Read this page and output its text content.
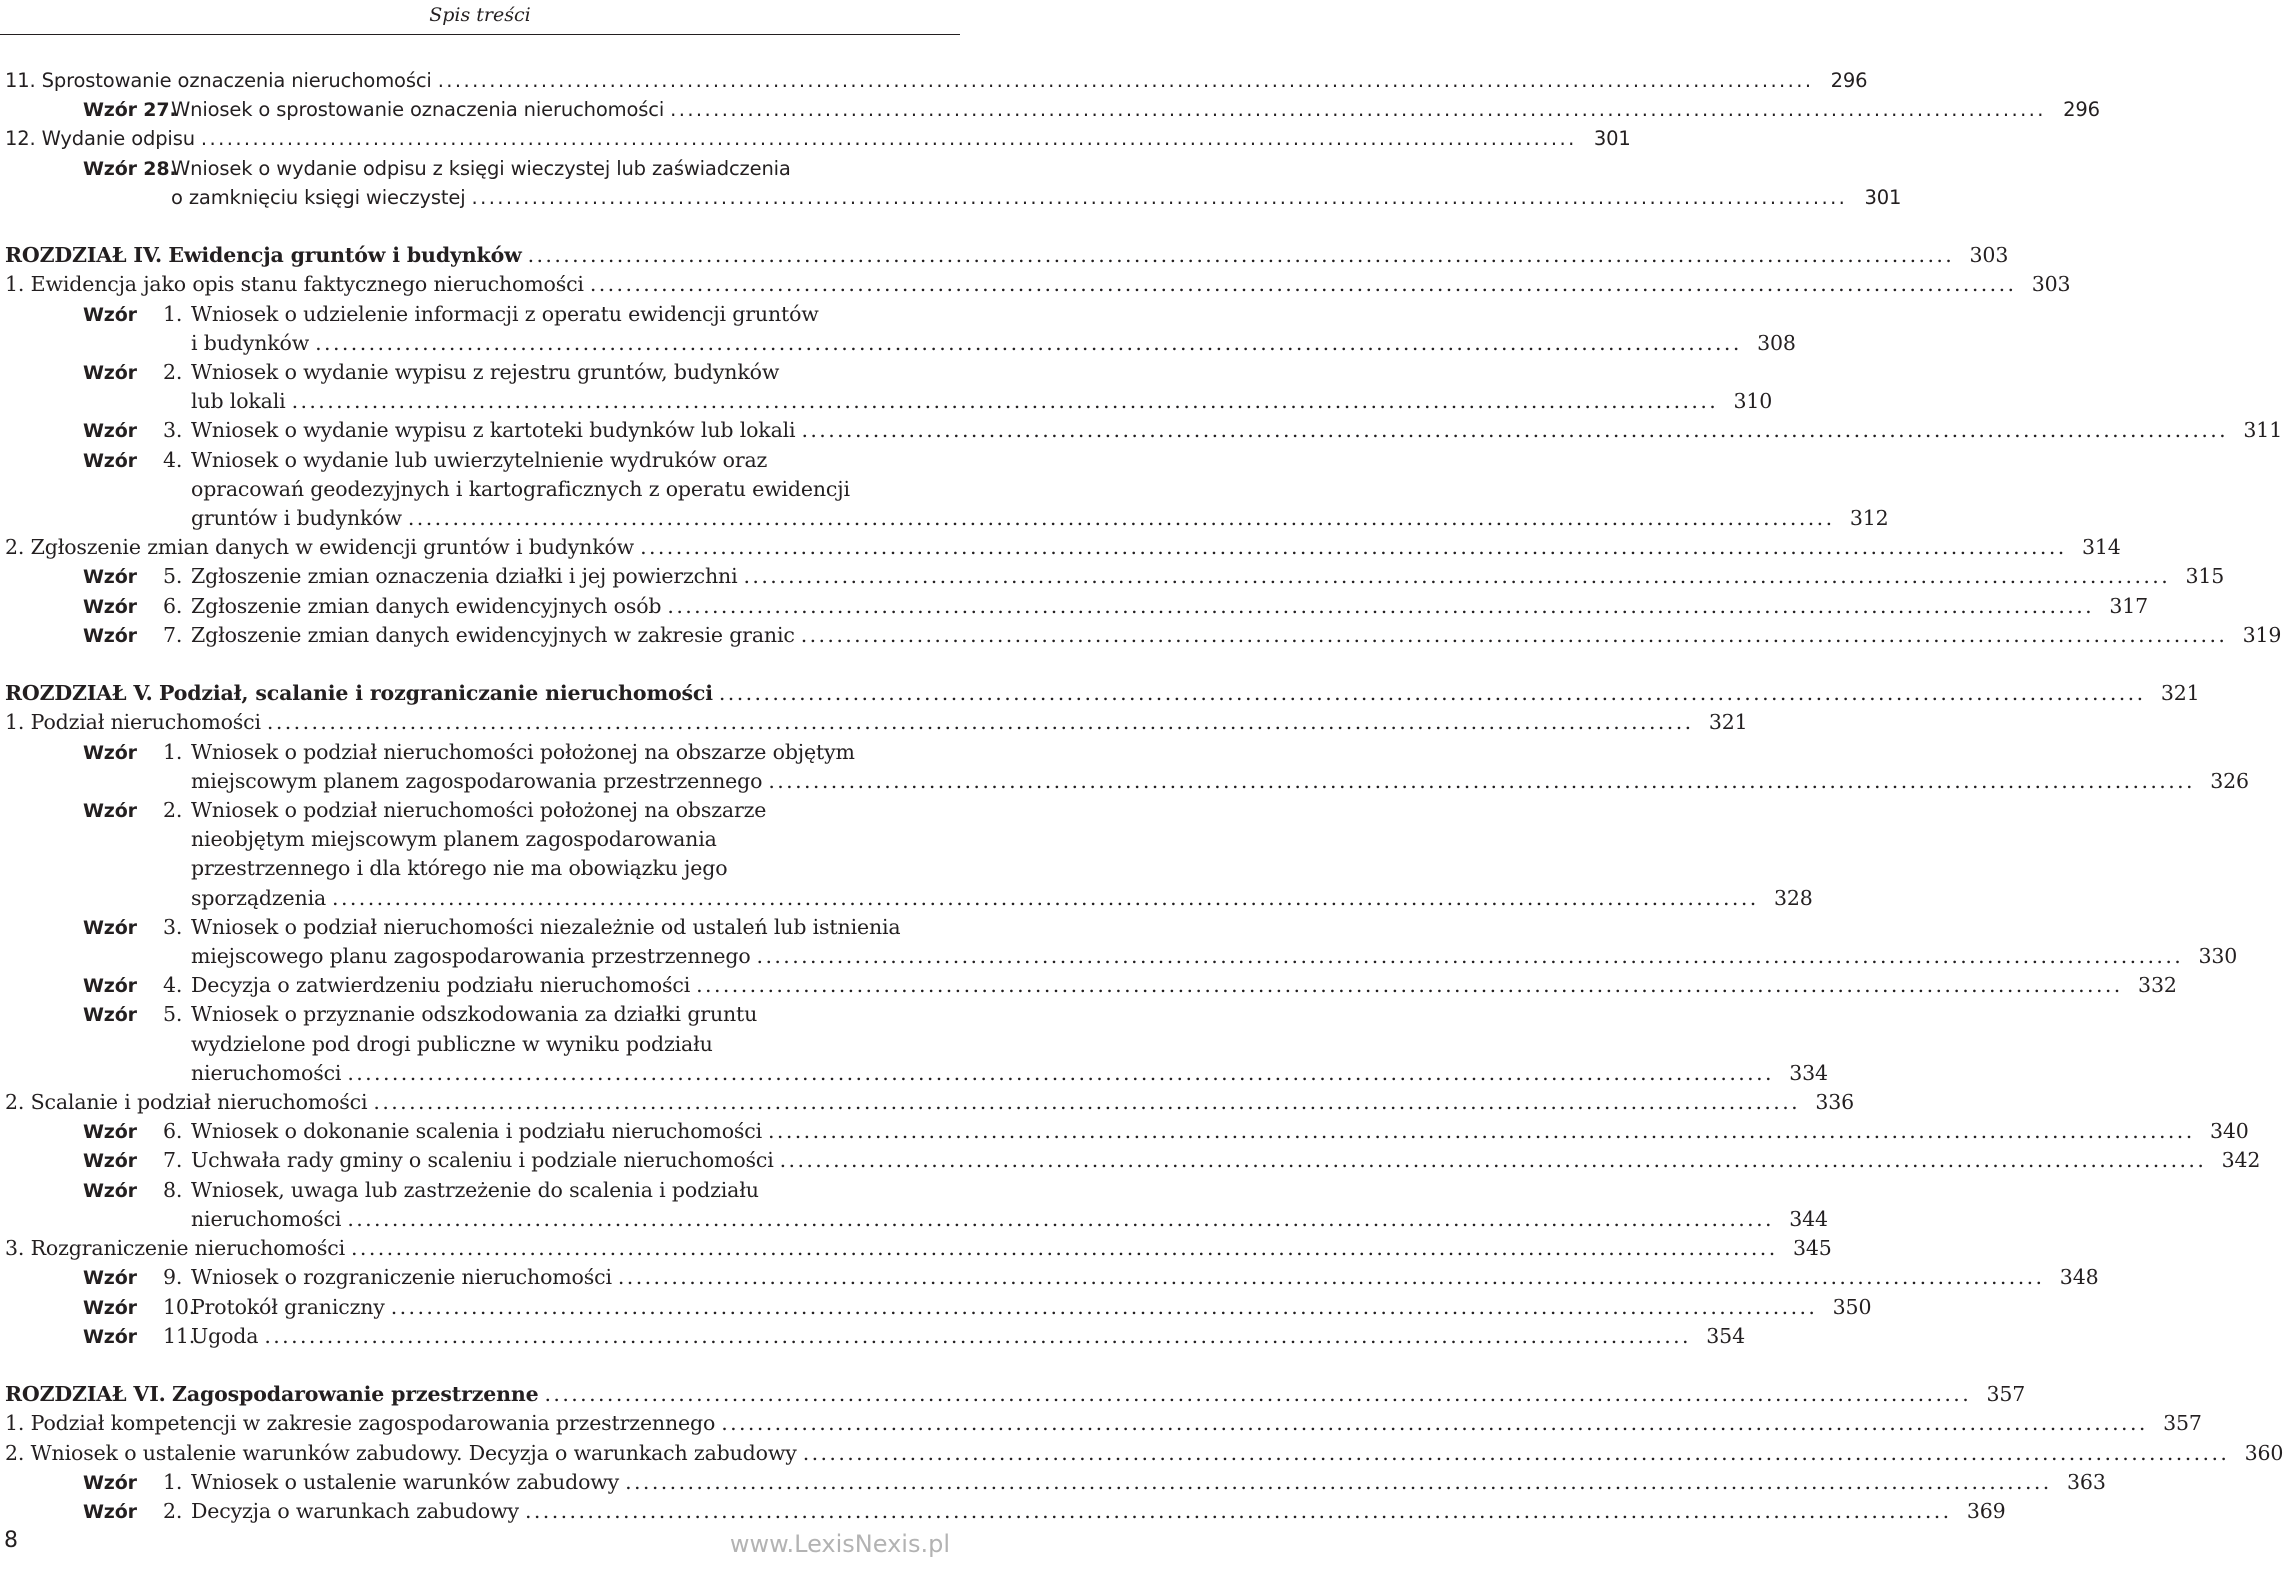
Spis treści
11. Sprostowanie oznaczenia nieruchomości ................................................................................................................................................................ 296
Wzór 27.
Wniosek o sprostowanie oznaczenia nieruchomości ................................................................................................................................................................ 296
12. Wydanie odpisu ................................................................................................................................................................ 301
Wzór 28.
Wniosek o wydanie odpisu z księgi wieczystej lub zaświadczenia
o zamknięciu księgi wieczystej ................................................................................................................................................................ 301
ROZDZIAŁ IV. Ewidencja gruntów i budynków ................................................................................................................................................................ 303
1. Ewidencja jako opis stanu faktycznego nieruchomości ................................................................................................................................................................ 303
Wzór 1. Wniosek o udzielenie informacji z operatu ewidencji gruntów
i budynków ................................................................................................................................................................ 308
Wzór 2. Wniosek o wydanie wypisu z rejestru gruntów, budynków
lub lokali ................................................................................................................................................................ 310
Wzór 3. Wniosek o wydanie wypisu z kartoteki budynków lub lokali ................................................................................................................................................................ 311
Wzór 4. Wniosek o wydanie lub uwierzytelnienie wydruków oraz
opracowań geodezyjnych i kartograficznych z operatu ewidencji
gruntów i budynków ................................................................................................................................................................ 312
2. Zgłoszenie zmian danych w ewidencji gruntów i budynków ................................................................................................................................................................ 314
Wzór 5. Zgłoszenie zmian oznaczenia działki i jej powierzchni ................................................................................................................................................................ 315
Wzór 6. Zgłoszenie zmian danych ewidencyjnych osób ................................................................................................................................................................ 317
Wzór 7. Zgłoszenie zmian danych ewidencyjnych w zakresie granic ................................................................................................................................................................ 319
ROZDZIAŁ V. Podział, scalanie i rozgraniczanie nieruchomości ................................................................................................................................................................ 321
1. Podział nieruchomości ................................................................................................................................................................ 321
Wzór 1. Wniosek o podział nieruchomości położonej na obszarze objętym
miejscowym planem zagospodarowania przestrzennego ................................................................................................................................................................ 326
Wzór 2. Wniosek o podział nieruchomości położonej na obszarze
nieobjętym miejscowym planem zagospodarowania
przestrzennego i dla którego nie ma obowiązku jego
sporządzenia ................................................................................................................................................................ 328
Wzór 3. Wniosek o podział nieruchomości niezależnie od ustaleń lub istnienia
miejscowego planu zagospodarowania przestrzennego ................................................................................................................................................................ 330
Wzór 4. Decyzja o zatwierdzeniu podziału nieruchomości ................................................................................................................................................................ 332
Wzór 5. Wniosek o przyznanie odszkodowania za działki gruntu
wydzielone pod drogi publiczne w wyniku podziału
nieruchomości ................................................................................................................................................................ 334
2. Scalanie i podział nieruchomości ................................................................................................................................................................ 336
Wzór 6. Wniosek o dokonanie scalenia i podziału nieruchomości ................................................................................................................................................................ 340
Wzór 7. Uchwała rady gminy o scaleniu i podziale nieruchomości ................................................................................................................................................................ 342
Wzór 8. Wniosek, uwaga lub zastrzeżenie do scalenia i podziału
nieruchomości ................................................................................................................................................................ 344
3. Rozgraniczenie nieruchomości ................................................................................................................................................................ 345
Wzór 9. Wniosek o rozgraniczenie nieruchomości ................................................................................................................................................................ 348
Wzór 10.
Protokół graniczny ................................................................................................................................................................ 350
Wzór 11.
Ugoda ................................................................................................................................................................ 354
ROZDZIAŁ VI. Zagospodarowanie przestrzenne ................................................................................................................................................................ 357
1. Podział kompetencji w zakresie zagospodarowania przestrzennego ................................................................................................................................................................ 357
2. Wniosek o ustalenie warunków zabudowy. Decyzja o warunkach zabudowy ................................................................................................................................................................ 360
Wzór 1. Wniosek o ustalenie warunków zabudowy ................................................................................................................................................................ 363
Wzór 2. Decyzja o warunkach zabudowy ................................................................................................................................................................ 369
8	www.LexisNexis.pl
